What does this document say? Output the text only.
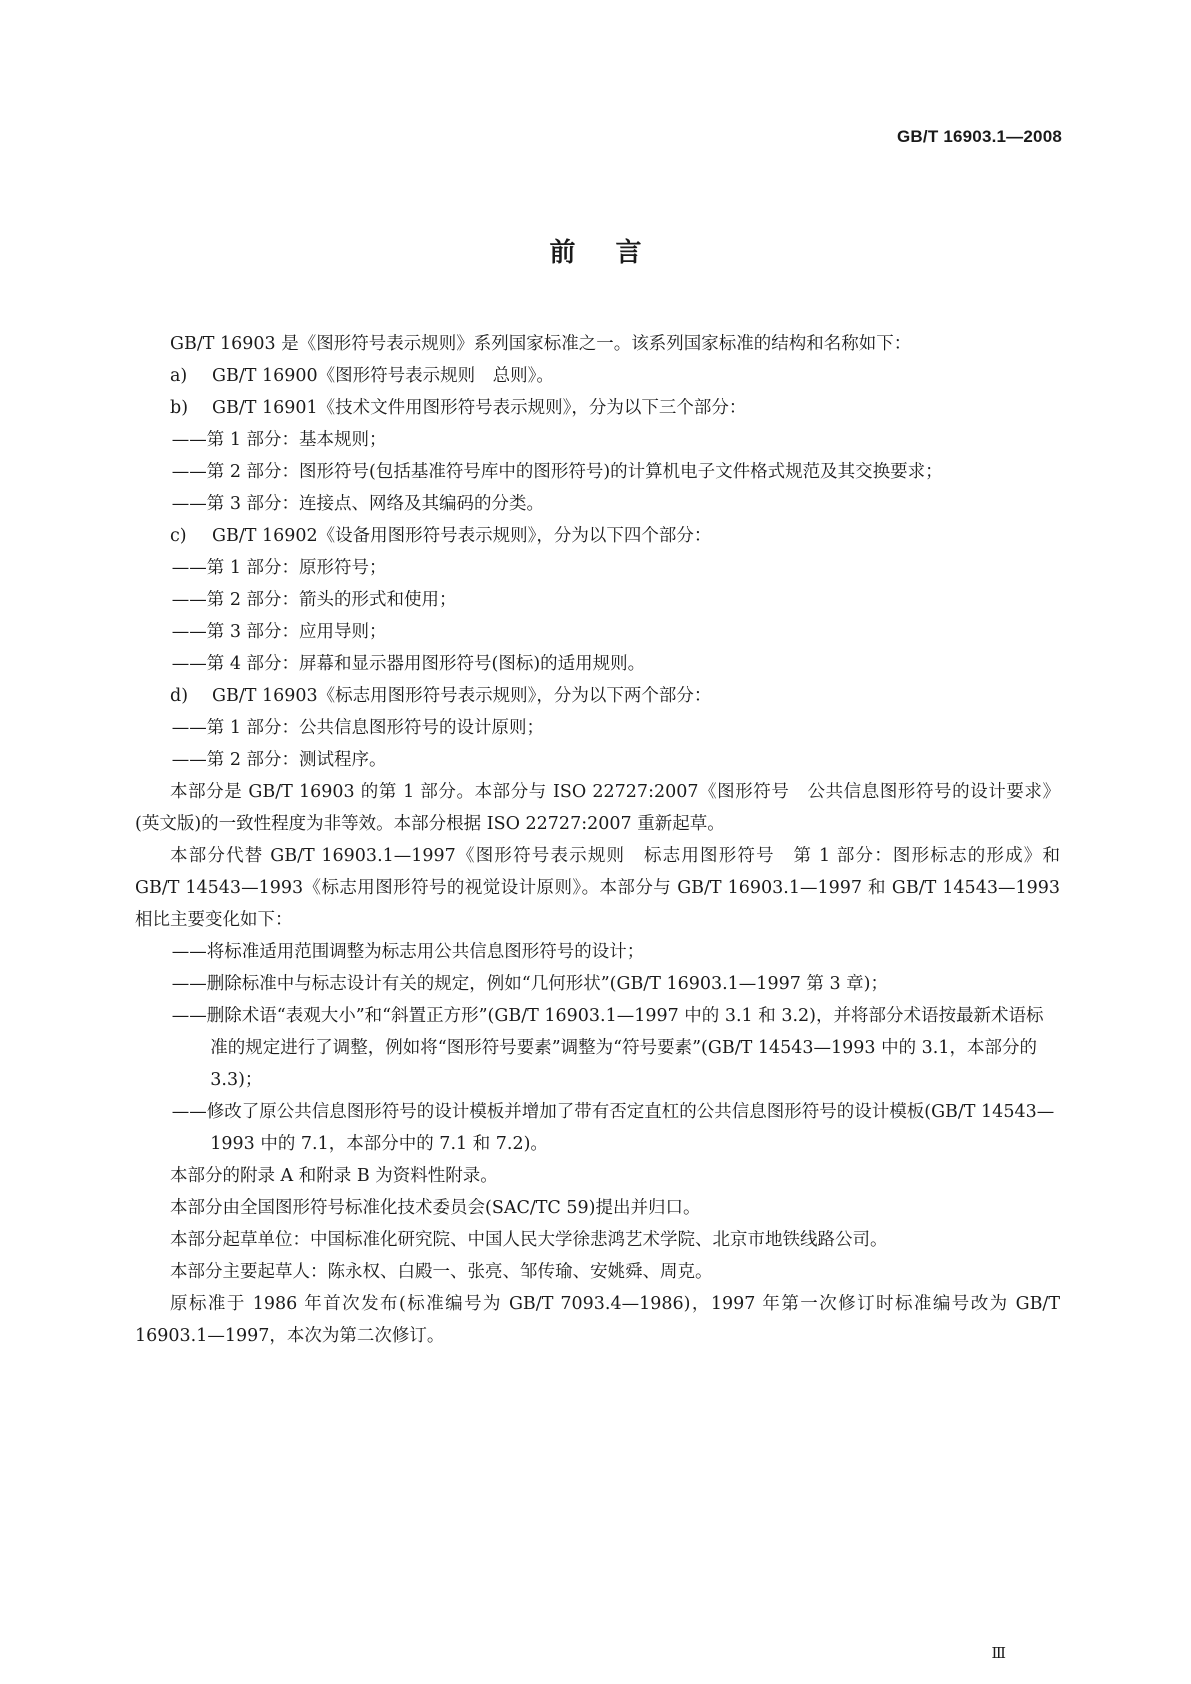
GB/T 16903.1—2008
前言

GB/T 16903 是《图形符号表示规则》系列国家标准之一。该系列国家标准的结构和名称如下：

a) GB/T 16900《图形符号表示规则　总则》。

b) GB/T 16901《技术文件用图形符号表示规则》，分为以下三个部分：

——第 1 部分：基本规则；

——第 2 部分：图形符号(包括基准符号库中的图形符号)的计算机电子文件格式规范及其交换要求；

——第 3 部分：连接点、网络及其编码的分类。

c) GB/T 16902《设备用图形符号表示规则》，分为以下四个部分：

——第 1 部分：原形符号；

——第 2 部分：箭头的形式和使用；

——第 3 部分：应用导则；

——第 4 部分：屏幕和显示器用图形符号(图标)的适用规则。

d) GB/T 16903《标志用图形符号表示规则》，分为以下两个部分：

——第 1 部分：公共信息图形符号的设计原则；

——第 2 部分：测试程序。

本部分是 GB/T 16903 的第 1 部分。本部分与 ISO 22727:2007《图形符号　公共信息图形符号的设计要求》(英文版)的一致性程度为非等效。本部分根据 ISO 22727:2007 重新起草。

本部分代替 GB/T 16903.1—1997《图形符号表示规则　标志用图形符号　第 1 部分：图形标志的形成》和 GB/T 14543—1993《标志用图形符号的视觉设计原则》。本部分与 GB/T 16903.1—1997 和 GB/T 14543—1993 相比主要变化如下：

——将标准适用范围调整为标志用公共信息图形符号的设计；

——删除标准中与标志设计有关的规定，例如“几何形状”(GB/T 16903.1—1997 第 3 章)；

——删除术语“表观大小”和“斜置正方形”(GB/T 16903.1—1997 中的 3.1 和 3.2)，并将部分术语按最新术语标准的规定进行了调整，例如将“图形符号要素”调整为“符号要素”(GB/T 14543—1993 中的 3.1，本部分的 3.3)；

——修改了原公共信息图形符号的设计模板并增加了带有否定直杠的公共信息图形符号的设计模板(GB/T 14543—1993 中的 7.1，本部分中的 7.1 和 7.2)。

本部分的附录 A 和附录 B 为资料性附录。

本部分由全国图形符号标准化技术委员会(SAC/TC 59)提出并归口。

本部分起草单位：中国标准化研究院、中国人民大学徐悲鸿艺术学院、北京市地铁线路公司。

本部分主要起草人：陈永权、白殿一、张亮、邹传瑜、安姚舜、周克。

原标准于 1986 年首次发布(标准编号为 GB/T 7093.4—1986)，1997 年第一次修订时标准编号改为 GB/T 16903.1—1997，本次为第二次修订。

Ⅲ
